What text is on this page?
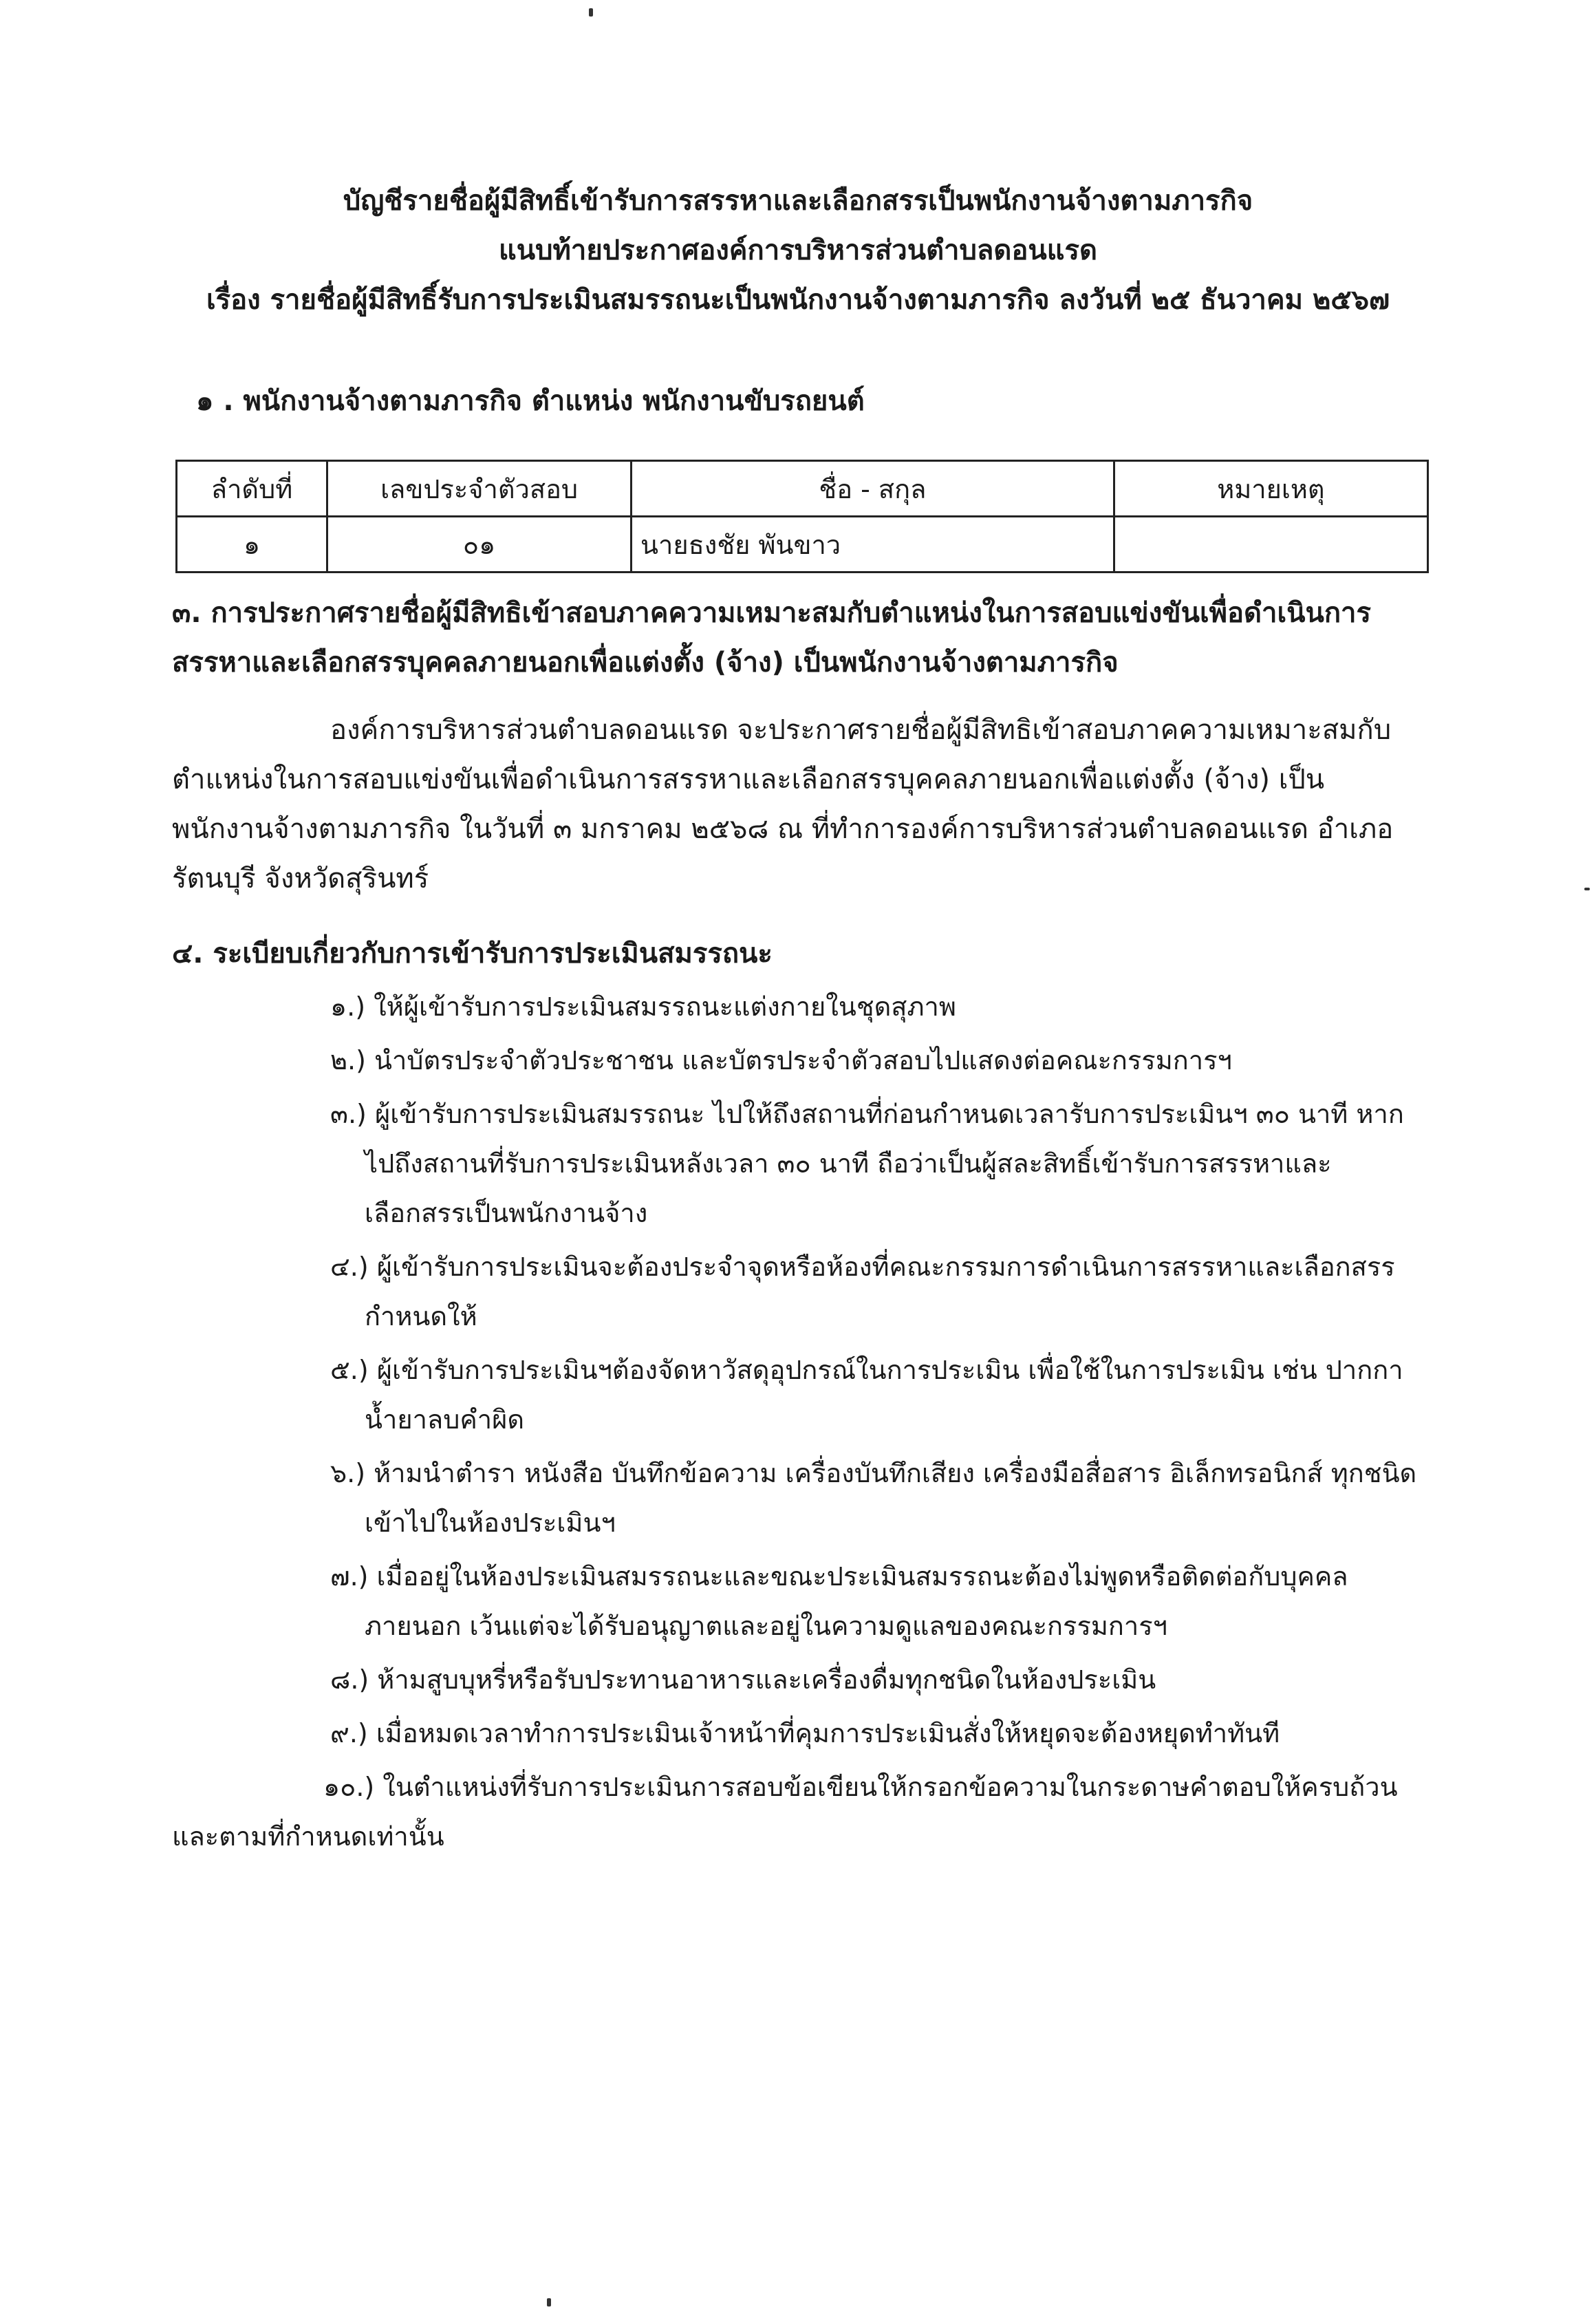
บัญชีรายชื่อผู้มีสิทธิ์เข้ารับการสรรหาและเลือกสรรเป็นพนักงานจ้างตามภารกิจ
แนบท้ายประกาศองค์การบริหารส่วนตำบลดอนแรด
เรื่อง รายชื่อผู้มีสิทธิ์รับการประเมินสมรรถนะเป็นพนักงานจ้างตามภารกิจ ลงวันที่ ๒๕ ธันวาคม ๒๕๖๗
๑ . พนักงานจ้างตามภารกิจ ตำแหน่ง พนักงานขับรถยนต์
ลำดับที่	เลขประจำตัวสอบ	ชื่อ - สกุล	หมายเหตุ
๑	๐๑	นายธงชัย พันขาว	
๓. การประกาศรายชื่อผู้มีสิทธิเข้าสอบภาคความเหมาะสมกับตำแหน่งในการสอบแข่งขันเพื่อดำเนินการสรรหาและเลือกสรรบุคคลภายนอกเพื่อแต่งตั้ง (จ้าง) เป็นพนักงานจ้างตามภารกิจ
องค์การบริหารส่วนตำบลดอนแรด จะประกาศรายชื่อผู้มีสิทธิเข้าสอบภาคความเหมาะสมกับตำแหน่งในการสอบแข่งขันเพื่อดำเนินการสรรหาและเลือกสรรบุคคลภายนอกเพื่อแต่งตั้ง (จ้าง) เป็นพนักงานจ้างตามภารกิจ ในวันที่ ๓ มกราคม ๒๕๖๘ ณ ที่ทำการองค์การบริหารส่วนตำบลดอนแรด อำเภอรัตนบุรี จังหวัดสุรินทร์
๔. ระเบียบเกี่ยวกับการเข้ารับการประเมินสมรรถนะ
๑.) ให้ผู้เข้ารับการประเมินสมรรถนะแต่งกายในชุดสุภาพ
๒.) นำบัตรประจำตัวประชาชน และบัตรประจำตัวสอบไปแสดงต่อคณะกรรมการฯ
๓.) ผู้เข้ารับการประเมินสมรรถนะ ไปให้ถึงสถานที่ก่อนกำหนดเวลารับการประเมินฯ ๓๐ นาที หากไปถึงสถานที่รับการประเมินหลังเวลา ๓๐ นาที ถือว่าเป็นผู้สละสิทธิ์เข้ารับการสรรหาและเลือกสรรเป็นพนักงานจ้าง
๔.) ผู้เข้ารับการประเมินจะต้องประจำจุดหรือห้องที่คณะกรรมการดำเนินการสรรหาและเลือกสรรกำหนดให้
๕.) ผู้เข้ารับการประเมินฯต้องจัดหาวัสดุอุปกรณ์ในการประเมิน เพื่อใช้ในการประเมิน เช่น ปากกา น้ำยาลบคำผิด
๖.) ห้ามนำตำรา หนังสือ บันทึกข้อความ เครื่องบันทึกเสียง เครื่องมือสื่อสาร อิเล็กทรอนิกส์ ทุกชนิดเข้าไปในห้องประเมินฯ
๗.) เมื่ออยู่ในห้องประเมินสมรรถนะและขณะประเมินสมรรถนะต้องไม่พูดหรือติดต่อกับบุคคลภายนอก เว้นแต่จะได้รับอนุญาตและอยู่ในความดูแลของคณะกรรมการฯ
๘.) ห้ามสูบบุหรี่หรือรับประทานอาหารและเครื่องดื่มทุกชนิดในห้องประเมิน
๙.) เมื่อหมดเวลาทำการประเมินเจ้าหน้าที่คุมการประเมินสั่งให้หยุดจะต้องหยุดทำทันที
๑๐.) ในตำแหน่งที่รับการประเมินการสอบข้อเขียนให้กรอกข้อความในกระดาษคำตอบให้ครบถ้วน และตามที่กำหนดเท่านั้น
